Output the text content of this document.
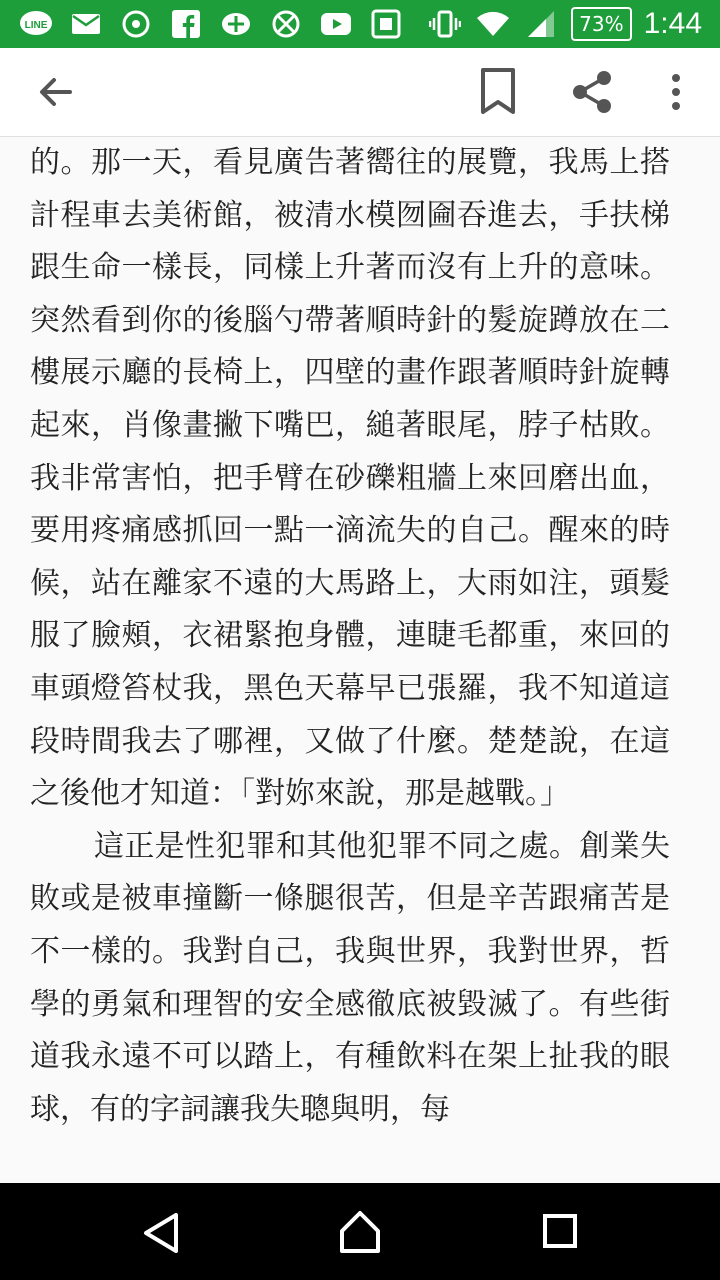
LINE	73% 1:44

的。那一天，看見廣告著嚮往的展覽，我馬上搭計程車去美術館，被清水模囫圇吞進去，手扶梯跟生命一樣長，同樣上升著而沒有上升的意味。突然看到你的後腦勺帶著順時針的髮旋蹲放在二樓展示廳的長椅上，四壁的畫作跟著順時針旋轉起來，肖像畫撇下嘴巴，縋著眼尾，脖子枯敗。我非常害怕，把手臂在砂礫粗牆上來回磨出血，要用疼痛感抓回一點一滴流失的自己。醒來的時候，站在離家不遠的大馬路上，大雨如注，頭髮服了臉頰，衣裙緊抱身體，連睫毛都重，來回的車頭燈笞杖我，黑色天幕早已張羅，我不知道這段時間我去了哪裡，又做了什麼。楚楚說，在這之後他才知道：「對妳來說，那是越戰。」

這正是性犯罪和其他犯罪不同之處。創業失敗或是被車撞斷一條腿很苦，但是辛苦跟痛苦是不一樣的。我對自己，我與世界，我對世界，哲學的勇氣和理智的安全感徹底被毀滅了。有些街道我永遠不可以踏上，有種飲料在架上扯我的眼球，有的字詞讓我失聰與明，每
